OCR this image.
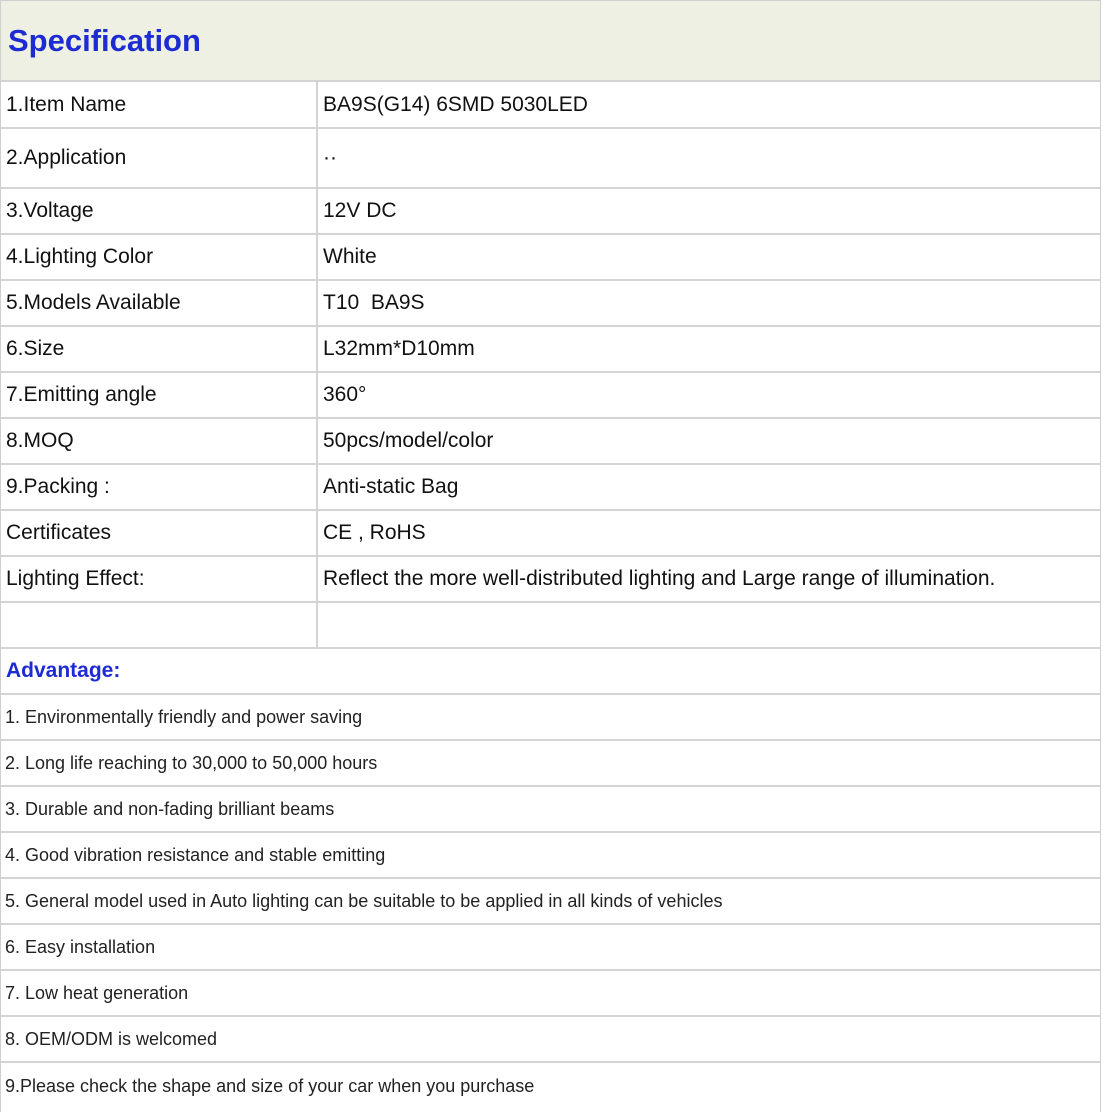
Specification
1.Item Name	BA9S(G14) 6SMD 5030LED
2.Application	··
3.Voltage	12V DC
4.Lighting Color	White
5.Models Available	T10  BA9S
6.Size	L32mm*D10mm
7.Emitting angle	360°
8.MOQ	50pcs/model/color
9.Packing :	Anti-static Bag
Certificates	CE , RoHS
Lighting Effect:	Reflect the more well-distributed lighting and Large range of illumination.

Advantage:
1. Environmentally friendly and power saving
2. Long life reaching to 30,000 to 50,000 hours
3. Durable and non-fading brilliant beams
4. Good vibration resistance and stable emitting
5. General model used in Auto lighting can be suitable to be applied in all kinds of vehicles
6. Easy installation
7. Low heat generation
8. OEM/ODM is welcomed
9.Please check the shape and size of your car when you purchase
